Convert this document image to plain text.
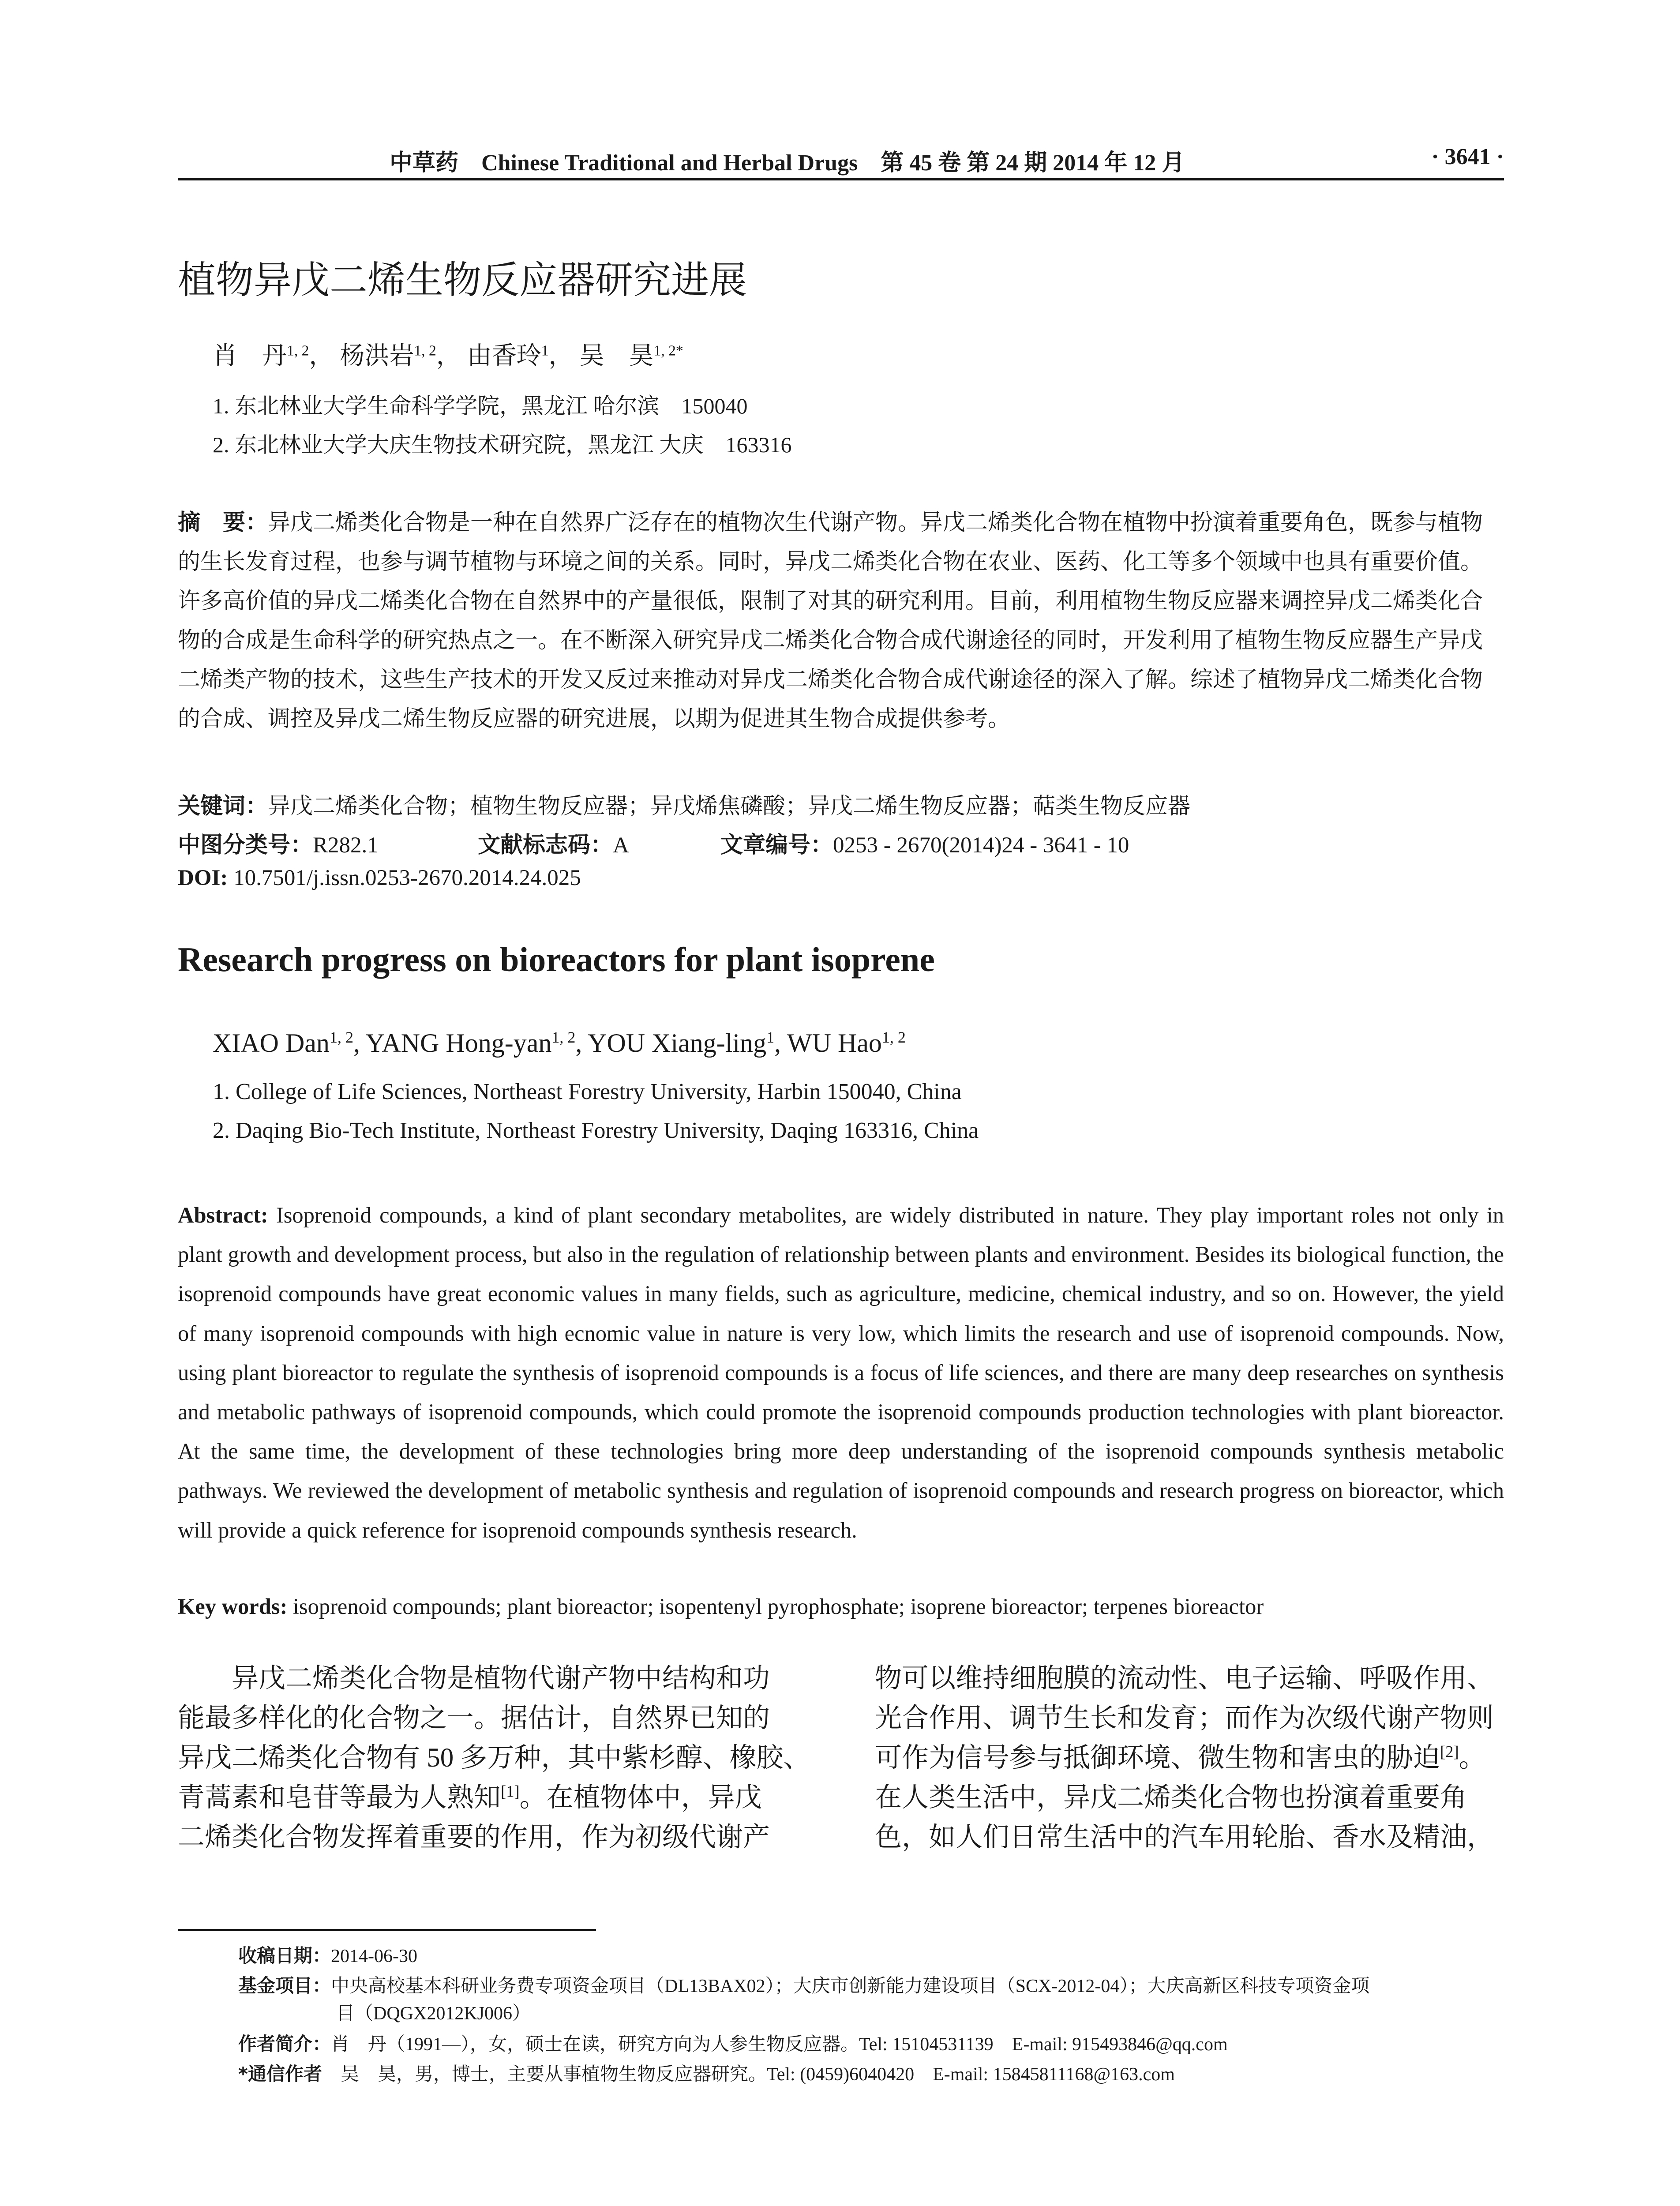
中草药　Chinese Traditional and Herbal Drugs　第 45 卷 第 24 期 2014 年 12 月	· 3641 ·
植物异戊二烯生物反应器研究进展
肖　丹$^{1, 2}$， 杨洪岩$^{1, 2}$， 由香玲$^1$， 吴　昊$^{1, 2*}$
1. 东北林业大学生命科学学院，黑龙江 哈尔滨　150040
2. 东北林业大学大庆生物技术研究院，黑龙江 大庆　163316
摘　要：异戊二烯类化合物是一种在自然界广泛存在的植物次生代谢产物。异戊二烯类化合物在植物中扮演着重要角色，既参与植物的生长发育过程，也参与调节植物与环境之间的关系。同时，异戊二烯类化合物在农业、医药、化工等多个领域中也具有重要价值。许多高价值的异戊二烯类化合物在自然界中的产量很低，限制了对其的研究利用。目前，利用植物生物反应器来调控异戊二烯类化合物的合成是生命科学的研究热点之一。在不断深入研究异戊二烯类化合物合成代谢途径的同时，开发利用了植物生物反应器生产异戊二烯类产物的技术，这些生产技术的开发又反过来推动对异戊二烯类化合物合成代谢途径的深入了解。综述了植物异戊二烯类化合物的合成、调控及异戊二烯生物反应器的研究进展，以期为促进其生物合成提供参考。
关键词：异戊二烯类化合物；植物生物反应器；异戊烯焦磷酸；异戊二烯生物反应器；萜类生物反应器
中图分类号：R282.1	文献标志码：A	文章编号：0253 - 2670(2014)24 - 3641 - 10
DOI: 10.7501/j.issn.0253-2670.2014.24.025
Research progress on bioreactors for plant isoprene
XIAO Dan$^{1, 2}$, YANG Hong-yan$^{1, 2}$, YOU Xiang-ling$^1$, WU Hao$^{1, 2}$
1. College of Life Sciences, Northeast Forestry University, Harbin 150040, China
2. Daqing Bio-Tech Institute, Northeast Forestry University, Daqing 163316, China
Abstract: Isoprenoid compounds, a kind of plant secondary metabolites, are widely distributed in nature. They play important roles not only in plant growth and development process, but also in the regulation of relationship between plants and environment. Besides its biological function, the isoprenoid compounds have great economic values in many fields, such as agriculture, medicine, chemical industry, and so on. However, the yield of many isoprenoid compounds with high ecnomic value in nature is very low, which limits the research and use of isoprenoid compounds. Now, using plant bioreactor to regulate the synthesis of isoprenoid compounds is a focus of life sciences, and there are many deep researches on synthesis and metabolic pathways of isoprenoid compounds, which could promote the isoprenoid compounds production technologies with plant bioreactor. At the same time, the development of these technologies bring more deep understanding of the isoprenoid compounds synthesis metabolic pathways. We reviewed the development of metabolic synthesis and regulation of isoprenoid compounds and research progress on bioreactor, which will provide a quick reference for isoprenoid compounds synthesis research.
Key words: isoprenoid compounds; plant bioreactor; isopentenyl pyrophosphate; isoprene bioreactor; terpenes bioreactor
　　异戊二烯类化合物是植物代谢产物中结构和功
能最多样化的化合物之一。据估计，自然界已知的
异戊二烯类化合物有 50 多万种，其中紫杉醇、橡胶、
青蒿素和皂苷等最为人熟知[1]。在植物体中，异戊
二烯类化合物发挥着重要的作用，作为初级代谢产
物可以维持细胞膜的流动性、电子运输、呼吸作用、
光合作用、调节生长和发育；而作为次级代谢产物则
可作为信号参与抵御环境、微生物和害虫的胁迫[2]。
在人类生活中，异戊二烯类化合物也扮演着重要角
色，如人们日常生活中的汽车用轮胎、香水及精油，
收稿日期：2014-06-30
基金项目：中央高校基本科研业务费专项资金项目（DL13BAX02）；大庆市创新能力建设项目（SCX-2012-04）；大庆高新区科技专项资金项
目（DQGX2012KJ006）
作者简介：肖　丹（1991—），女，硕士在读，研究方向为人参生物反应器。Tel: 15104531139　E-mail: 915493846@qq.com
*通信作者　吴　昊，男，博士，主要从事植物生物反应器研究。Tel: (0459)6040420　E-mail: 15845811168@163.com
